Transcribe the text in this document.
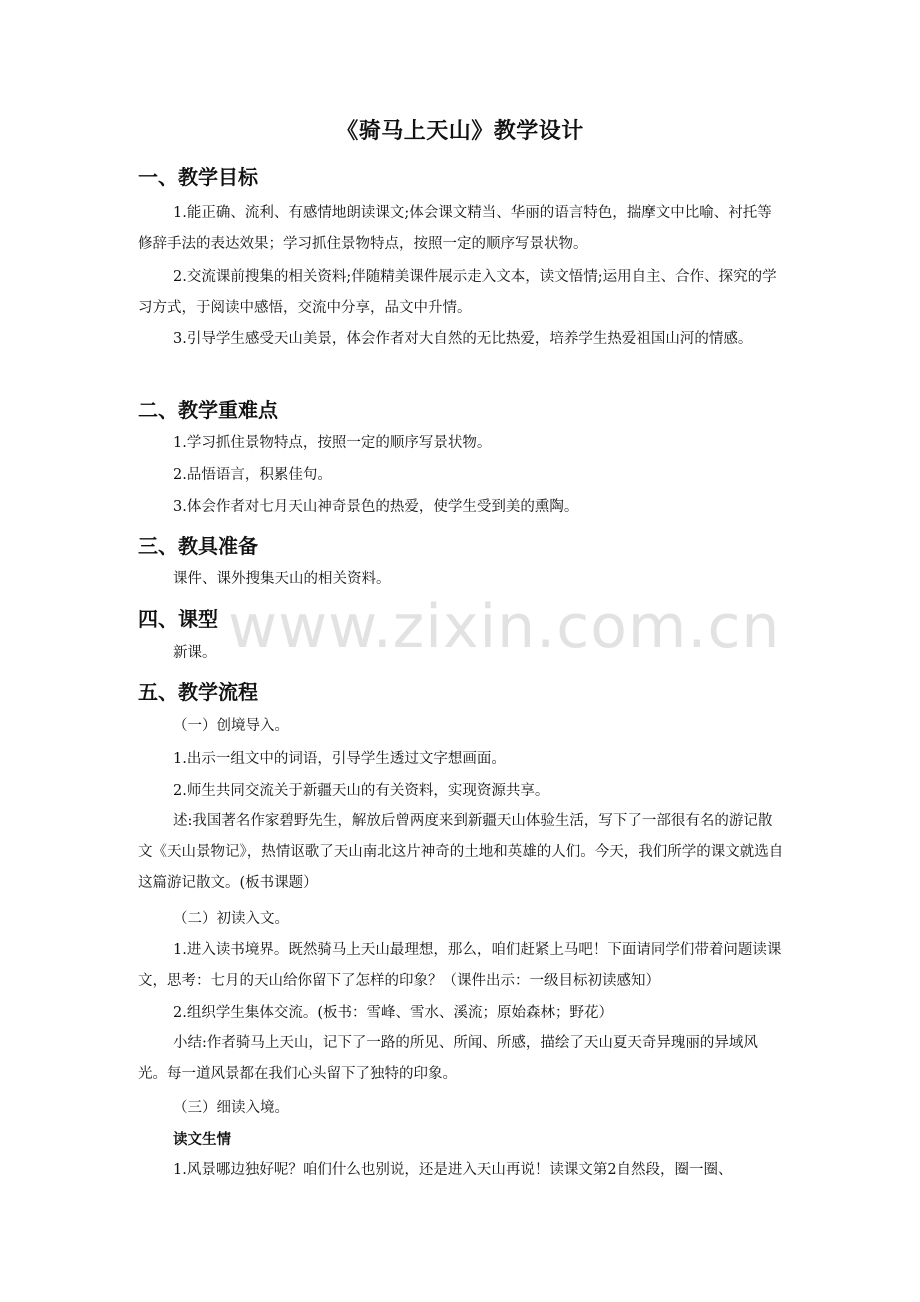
《骑马上天山》教学设计
一、教学目标

1.能正确、流利、有感情地朗读课文;体会课文精当、华丽的语言特色，揣摩文中比喻、衬托等修辞手法的表达效果；学习抓住景物特点，按照一定的顺序写景状物。

2.交流课前搜集的相关资料;伴随精美课件展示走入文本，读文悟情;运用自主、合作、探究的学习方式，于阅读中感悟，交流中分享，品文中升情。

3.引导学生感受天山美景，体会作者对大自然的无比热爱，培养学生热爱祖国山河的情感。

二、教学重难点
1.学习抓住景物特点，按照一定的顺序写景状物。
2.品悟语言，积累佳句。
3.体会作者对七月天山神奇景色的热爱，使学生受到美的熏陶。
三、教具准备
课件、课外搜集天山的相关资料。
四、课型
新课。
五、教学流程
（一）创境导入。
1.出示一组文中的词语，引导学生透过文字想画面。
2.师生共同交流关于新疆天山的有关资料，实现资源共享。

述:我国著名作家碧野先生，解放后曾两度来到新疆天山体验生活，写下了一部很有名的游记散文《天山景物记》，热情讴歌了天山南北这片神奇的土地和英雄的人们。今天，我们所学的课文就选自这篇游记散文。(板书课题）

（二）初读入文。

1.进入读书境界。既然骑马上天山最理想，那么，咱们赶紧上马吧！下面请同学们带着问题读课文，思考：七月的天山给你留下了怎样的印象？（课件出示：一级目标初读感知）

2.组织学生集体交流。(板书：雪峰、雪水、溪流；原始森林；野花）

小结:作者骑马上天山，记下了一路的所见、所闻、所感，描绘了天山夏天奇异瑰丽的异域风光。每一道风景都在我们心头留下了独特的印象。

（三）细读入境。
读文生情
1.风景哪边独好呢？咱们什么也别说，还是进入天山再说！读课文第2自然段，圈一圈、
www.zixin.com.cn
